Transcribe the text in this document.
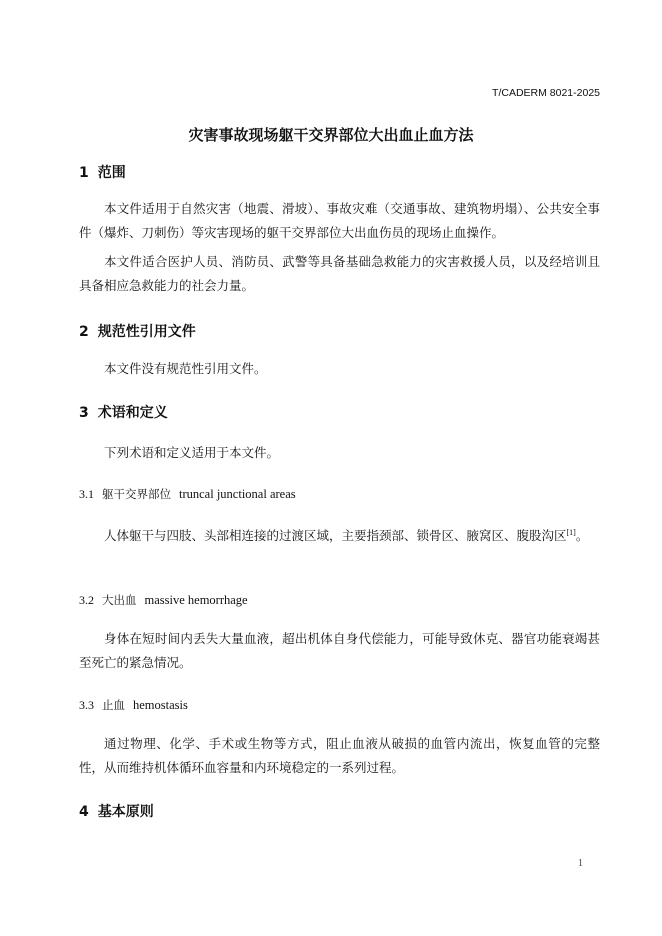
T/CADERM 8021-2025
灾害事故现场躯干交界部位大出血止血方法
1 范围

本文件适用于自然灾害（地震、滑坡）、事故灾难（交通事故、建筑物坍塌）、公共安全事件（爆炸、刀刺伤）等灾害现场的躯干交界部位大出血伤员的现场止血操作。

本文件适合医护人员、消防员、武警等具备基础急救能力的灾害救援人员，以及经培训且具备相应急救能力的社会力量。

2 规范性引用文件

本文件没有规范性引用文件。

3 术语和定义

下列术语和定义适用于本文件。

3.1 躯干交界部位 truncal junctional areas

人体躯干与四肢、头部相连接的过渡区域，主要指颈部、锁骨区、腋窝区、腹股沟区[1]。

3.2 大出血 massive hemorrhage

身体在短时间内丢失大量血液，超出机体自身代偿能力，可能导致休克、器官功能衰竭甚至死亡的紧急情况。

3.3 止血 hemostasis

通过物理、化学、手术或生物等方式，阻止血液从破损的血管内流出，恢复血管的完整性，从而维持机体循环血容量和内环境稳定的一系列过程。

4 基本原则
1
